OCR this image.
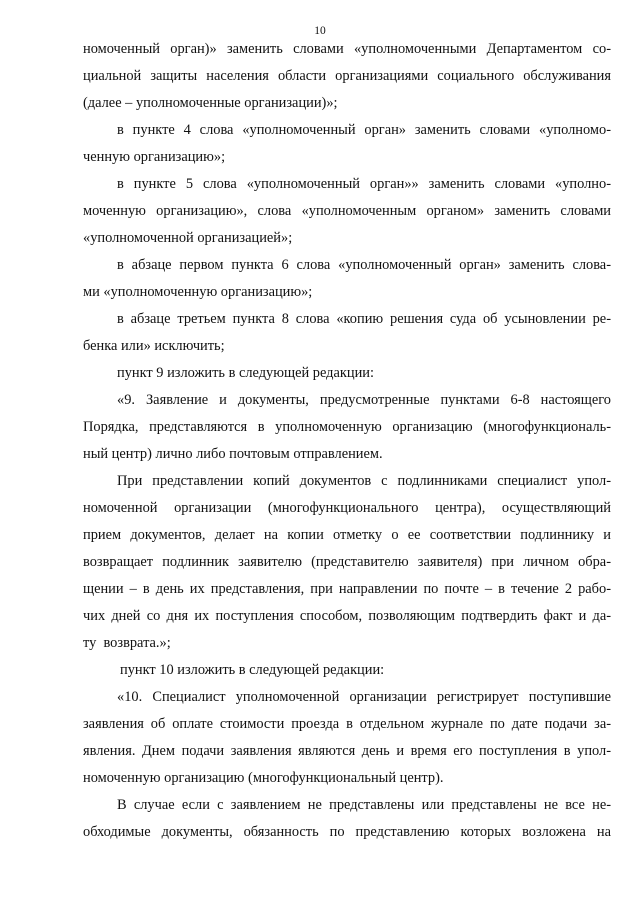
10
номоченный орган)» заменить словами «уполномоченными Департаментом со-
циальной защиты населения области организациями социального обслуживания
(далее – уполномоченные организации)»;
в пункте 4 слова «уполномоченный орган» заменить словами «уполномо-
ченную организацию»;
в пункте 5 слова «уполномоченный орган»» заменить словами «уполно-
моченную организацию», слова «уполномоченным органом» заменить словами
«уполномоченной организацией»;
в абзаце первом пункта 6 слова «уполномоченный орган» заменить слова-
ми «уполномоченную организацию»;
в абзаце третьем пункта 8 слова «копию решения суда об усыновлении ре-
бенка или» исключить;
пункт 9 изложить в следующей редакции:
«9. Заявление и документы, предусмотренные пунктами 6-8 настоящего
Порядка, представляются в уполномоченную организацию (многофункциональ-
ный центр) лично либо почтовым отправлением.
При представлении копий документов с подлинниками специалист упол-
номоченной организации (многофункционального центра), осуществляющий
прием документов, делает на копии отметку о ее соответствии подлиннику и
возвращает подлинник заявителю (представителю заявителя) при личном обра-
щении – в день их представления, при направлении по почте – в течение 2 рабо-
чих дней со дня их поступления способом, позволяющим подтвердить факт и да-
ту  возврата.»;
пункт 10 изложить в следующей редакции:
«10. Специалист уполномоченной организации регистрирует поступившие
заявления об оплате стоимости проезда в отдельном журнале по дате подачи за-
явления. Днем подачи заявления являются день и время его поступления в упол-
номоченную организацию (многофункциональный центр).
В случае если с заявлением не представлены или представлены не все не-
обходимые документы, обязанность по представлению которых возложена на
